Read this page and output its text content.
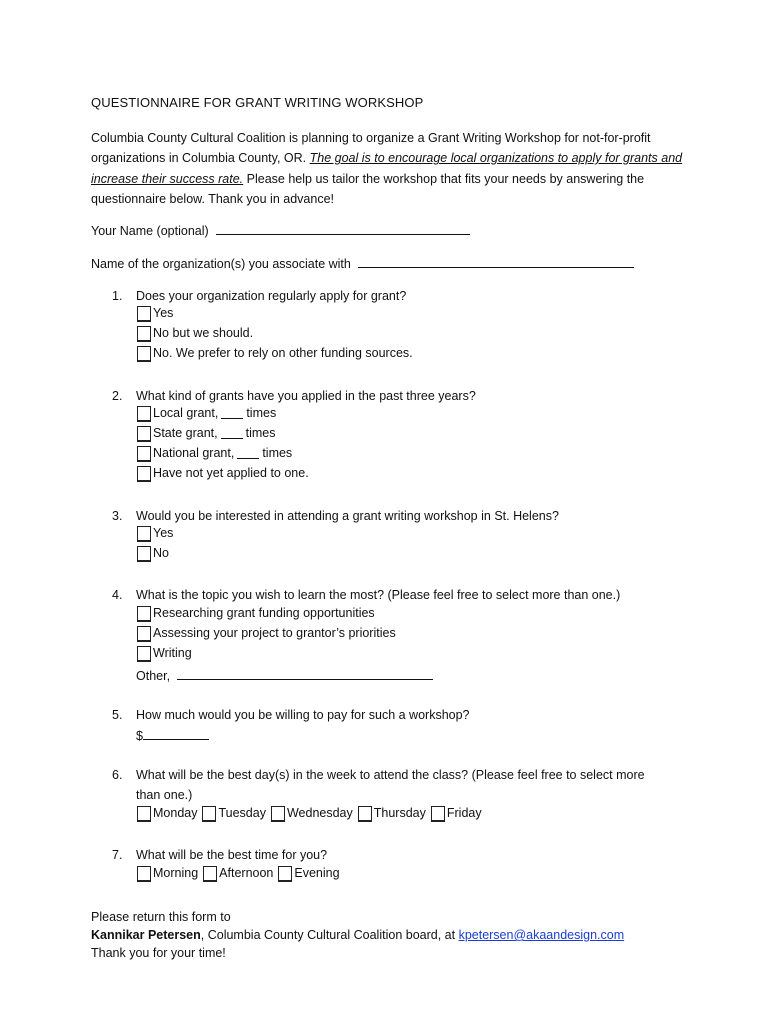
QUESTIONNAIRE FOR GRANT WRITING WORKSHOP
Columbia County Cultural Coalition is planning to organize a Grant Writing Workshop for not-for-profit organizations in Columbia County, OR. The goal is to encourage local organizations to apply for grants and increase their success rate. Please help us tailor the workshop that fits your needs by answering the questionnaire below. Thank you in advance!
Your Name (optional)
Name of the organization(s) you associate with
1. Does your organization regularly apply for grant?
Yes
No but we should.
No. We prefer to rely on other funding sources.
2. What kind of grants have you applied in the past three years?
Local grant, times
State grant, times
National grant, times
Have not yet applied to one.
3. Would you be interested in attending a grant writing workshop in St. Helens?
Yes
No
4. What is the topic you wish to learn the most? (Please feel free to select more than one.)
Researching grant funding opportunities
Assessing your project to grantor’s priorities
Writing
Other,
5. How much would you be willing to pay for such a workshop?
$
6. What will be the best day(s) in the week to attend the class? (Please feel free to select more
than one.)
Monday Tuesday Wednesday Thursday Friday
7. What will be the best time for you?
Morning Afternoon Evening
Please return this form to
Kannikar Petersen, Columbia County Cultural Coalition board, at kpetersen@akaandesign.com
Thank you for your time!
